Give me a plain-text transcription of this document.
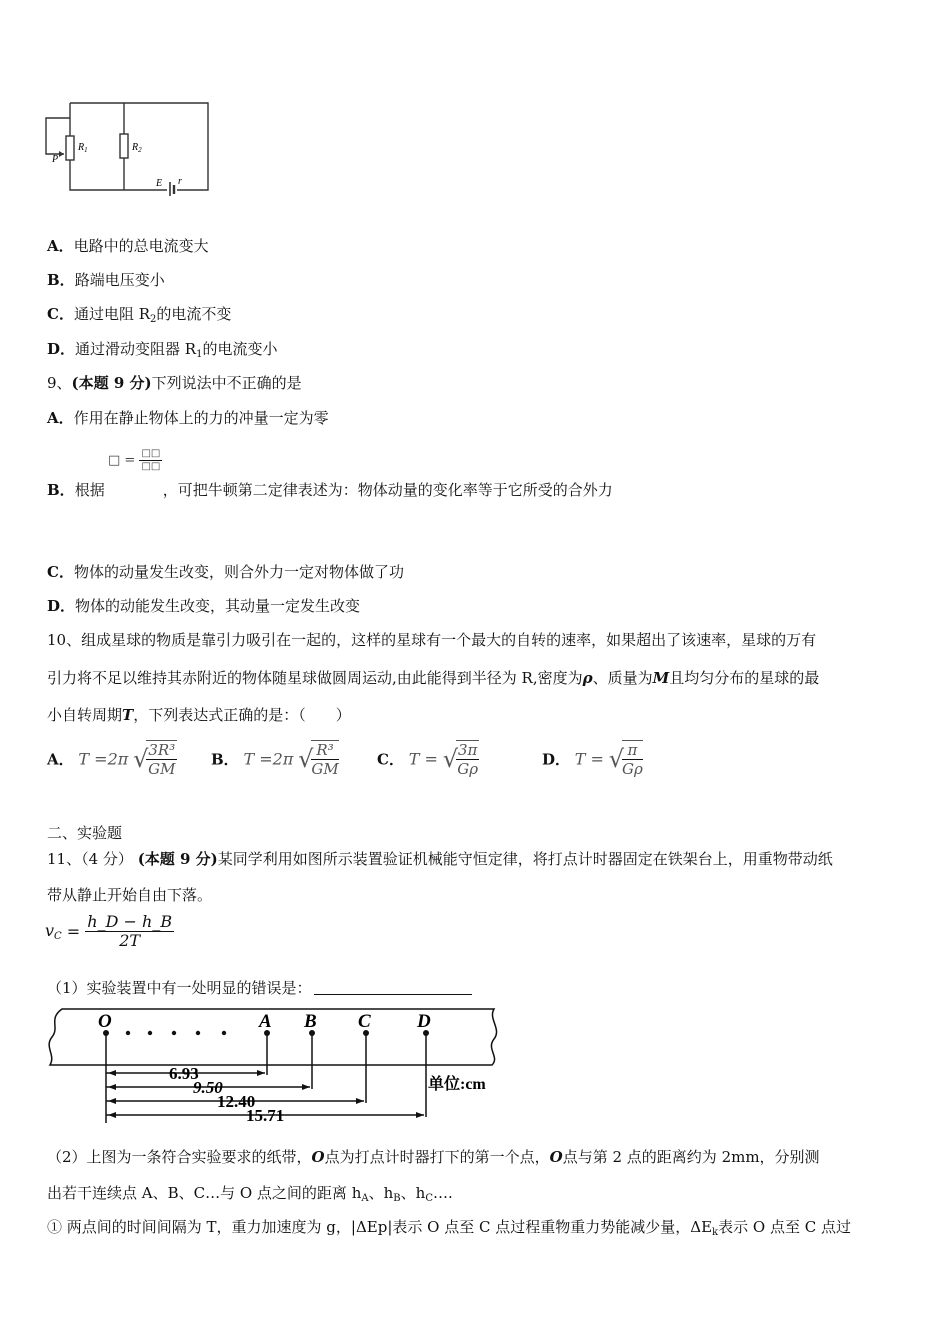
P
$R_1$	$R_2$
E r
A．电路中的总电流变大
B．路端电压变小
C．通过电阻 $R_2$的电流不变
D．通过滑动变阻器 $R_1$的电流变小
9、(本题 9 分)下列说法中不正确的是
A．作用在静止物体上的力的冲量一定为零
□ = □□
□□
B．根据	，可把牛顿第二定律表述为：物体动量的变化率等于它所受的合外力
C．物体的动量发生改变，则合外力一定对物体做了功
D．物体的动能发生改变，其动量一定发生改变
10、组成星球的物质是靠引力吸引在一起的，这样的星球有一个最大的自转的速率，如果超出了该速率，星球的万有
引力将不足以维持其赤附近的物体随星球做圆周运动,由此能得到半径为 R,密度为ρ、质量为M且均匀分布的星球的最
小自转周期T，下列表达式正确的是：（　　）
A． T =2π √
$\frac{\text{3R³}}{GM}$ B． T =2π √
$\frac{\text{R³}}{GM}$	C． T = √
$\frac{3\pi}{G\rho}$	D． T = √
$\frac{\pi}{G\rho}$
二、实验题
11、（4 分） (本题 9 分)某同学利用如图所示装置验证机械能守恒定律，将打点计时器固定在铁架台上，用重物带动纸
带从静止开始自由下落。
$v_C = \frac{h\_D - h\_B}{2T}$
（1）实验装置中有一处明显的错误是：
O	A B C D
6.93
9.50
12.40
15.71
单位:cm
（2）上图为一条符合实验要求的纸带，O点为打点计时器打下的第一个点，O点与第 2 点的距离约为 2mm，分别测
出若干连续点 A、B、C…与 O 点之间的距离 $h_A$、$h_B$、$h_C\dots$.
① 两点间的时间间隔为 T，重力加速度为 g，|ΔEp|表示 O 点至 C 点过程重物重力势能减少量，$\Delta E_k$表示 O 点至 C 点过
